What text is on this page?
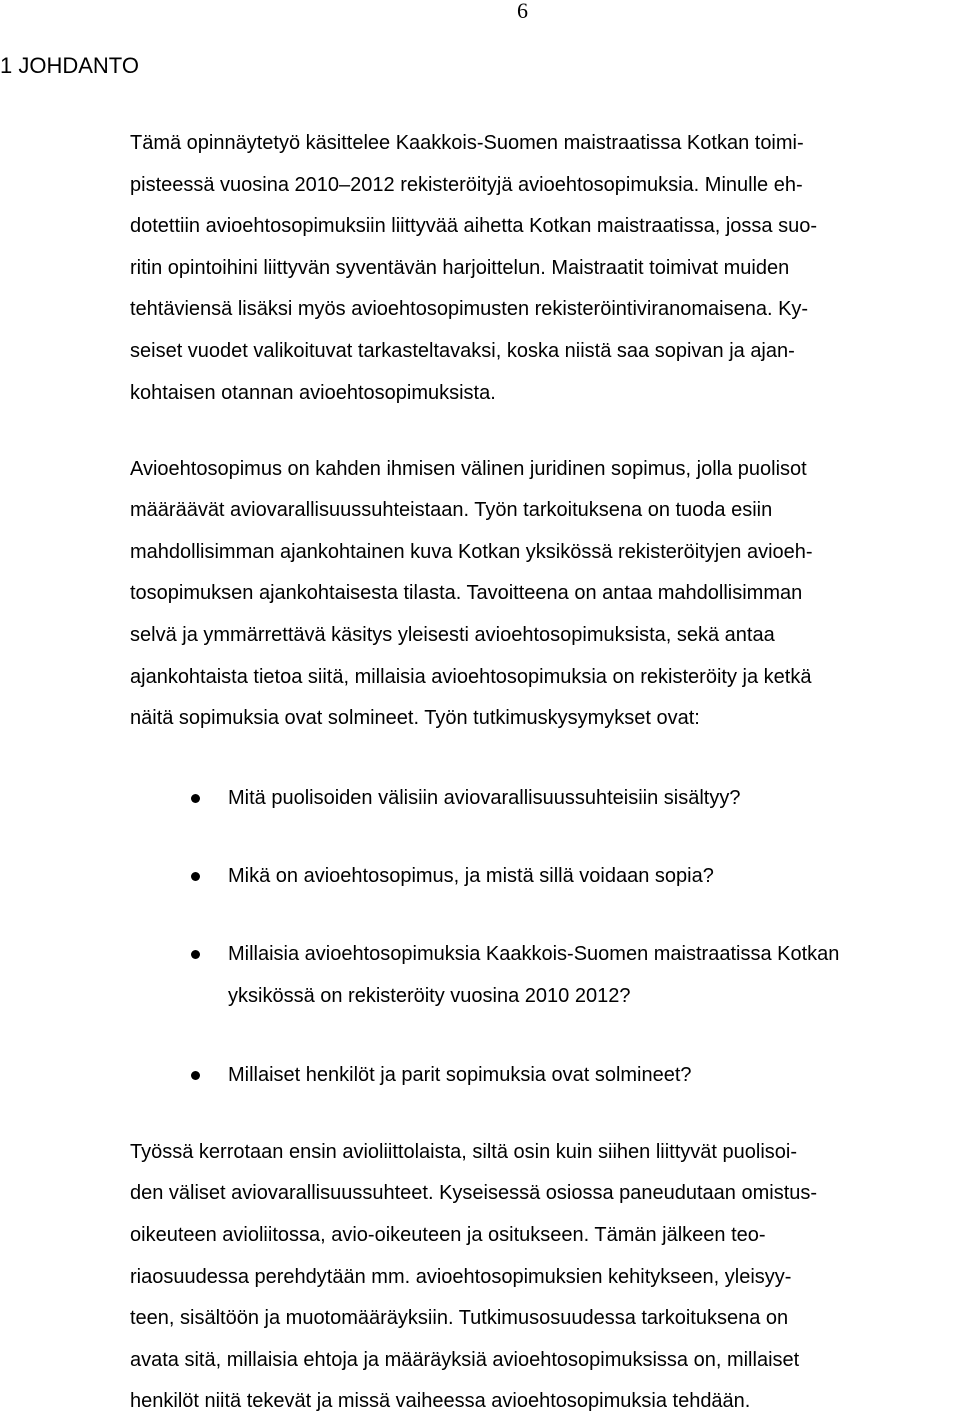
6
1 JOHDANTO
Tämä opinnäytetyö käsittelee Kaakkois-Suomen maistraatissa Kotkan toimi-
pisteessä vuosina 2010–2012 rekisteröityjä avioehtosopimuksia. Minulle eh-
dotettiin avioehtosopimuksiin liittyvää aihetta Kotkan maistraatissa, jossa suo-
ritin opintoihini liittyvän syventävän harjoittelun. Maistraatit toimivat muiden
tehtäviensä lisäksi myös avioehtosopimusten rekisteröintiviranomaisena. Ky-
seiset vuodet valikoituvat tarkasteltavaksi, koska niistä saa sopivan ja ajan-
kohtaisen otannan avioehtosopimuksista.
Avioehtosopimus on kahden ihmisen välinen juridinen sopimus, jolla puolisot
määräävät aviovarallisuussuhteistaan. Työn tarkoituksena on tuoda esiin
mahdollisimman ajankohtainen kuva Kotkan yksikössä rekisteröityjen avioeh-
tosopimuksen ajankohtaisesta tilasta. Tavoitteena on antaa mahdollisimman
selvä ja ymmärrettävä käsitys yleisesti avioehtosopimuksista, sekä antaa
ajankohtaista tietoa siitä, millaisia avioehtosopimuksia on rekisteröity ja ketkä
näitä sopimuksia ovat solmineet. Työn tutkimuskysymykset ovat:
Mitä puolisoiden välisiin aviovarallisuussuhteisiin sisältyy?
Mikä on avioehtosopimus, ja mistä sillä voidaan sopia?
Millaisia avioehtosopimuksia Kaakkois-Suomen maistraatissa Kotkan
yksikössä on rekisteröity vuosina 2010 2012?
Millaiset henkilöt ja parit sopimuksia ovat solmineet?
Työssä kerrotaan ensin avioliittolaista, siltä osin kuin siihen liittyvät puolisoi-
den väliset aviovarallisuussuhteet. Kyseisessä osiossa paneudutaan omistus-
oikeuteen avioliitossa, avio-oikeuteen ja ositukseen. Tämän jälkeen teo-
riaosuudessa perehdytään mm. avioehtosopimuksien kehitykseen, yleisyy-
teen, sisältöön ja muotomääräyksiin. Tutkimusosuudessa tarkoituksena on
avata sitä, millaisia ehtoja ja määräyksiä avioehtosopimuksissa on, millaiset
henkilöt niitä tekevät ja missä vaiheessa avioehtosopimuksia tehdään.
